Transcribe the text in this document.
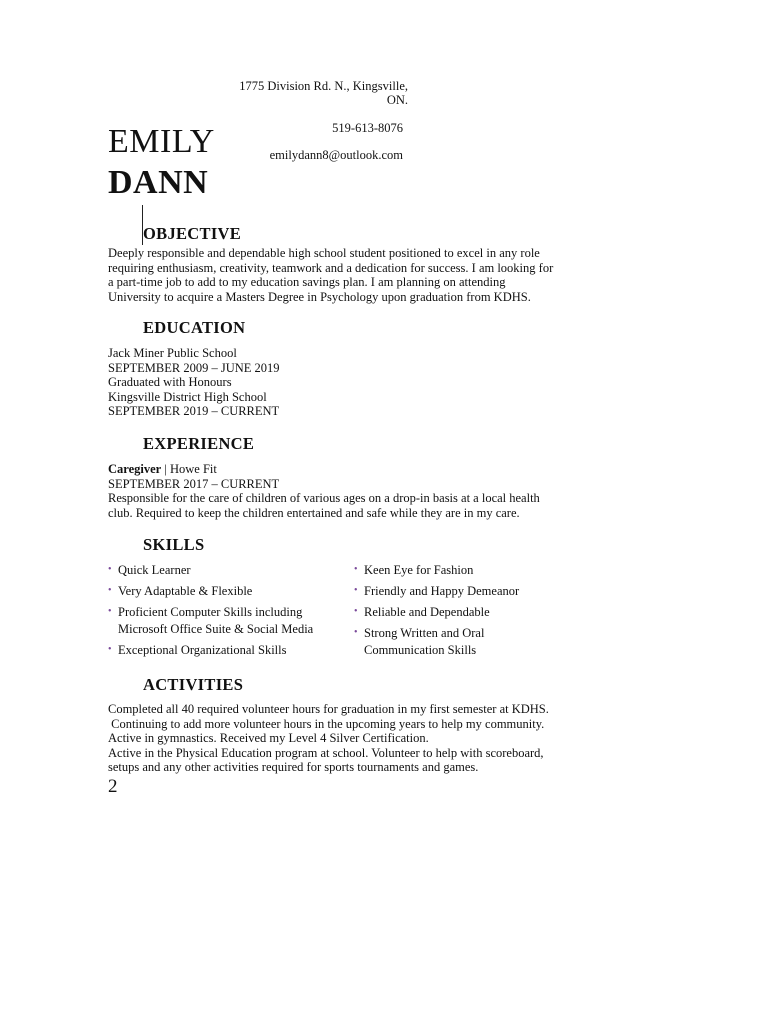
1775 Division Rd. N., Kingsville,
ON.
519-613-8076
emilydann8@outlook.com
EMILY
DANN
OBJECTIVE
Deeply responsible and dependable high school student positioned to excel in any role
requiring enthusiasm, creativity, teamwork and a dedication for success. I am looking for
a part-time job to add to my education savings plan. I am planning on attending
University to acquire a Masters Degree in Psychology upon graduation from KDHS.
EDUCATION
Jack Miner Public School
SEPTEMBER 2009 – JUNE 2019
Graduated with Honours
Kingsville District High School
SEPTEMBER 2019 – CURRENT
EXPERIENCE
Caregiver | Howe Fit
SEPTEMBER 2017 – CURRENT
Responsible for the care of children of various ages on a drop-in basis at a local health
club. Required to keep the children entertained and safe while they are in my care.
SKILLS
• Quick Learner
• Very Adaptable & Flexible
• Proficient Computer Skills including Microsoft Office Suite & Social Media
• Exceptional Organizational Skills
• Keen Eye for Fashion
• Friendly and Happy Demeanor
• Reliable and Dependable
• Strong Written and Oral Communication Skills
ACTIVITIES
Completed all 40 required volunteer hours for graduation in my first semester at KDHS.
Continuing to add more volunteer hours in the upcoming years to help my community.
Active in gymnastics. Received my Level 4 Silver Certification.
Active in the Physical Education program at school. Volunteer to help with scoreboard,
setups and any other activities required for sports tournaments and games.
2
